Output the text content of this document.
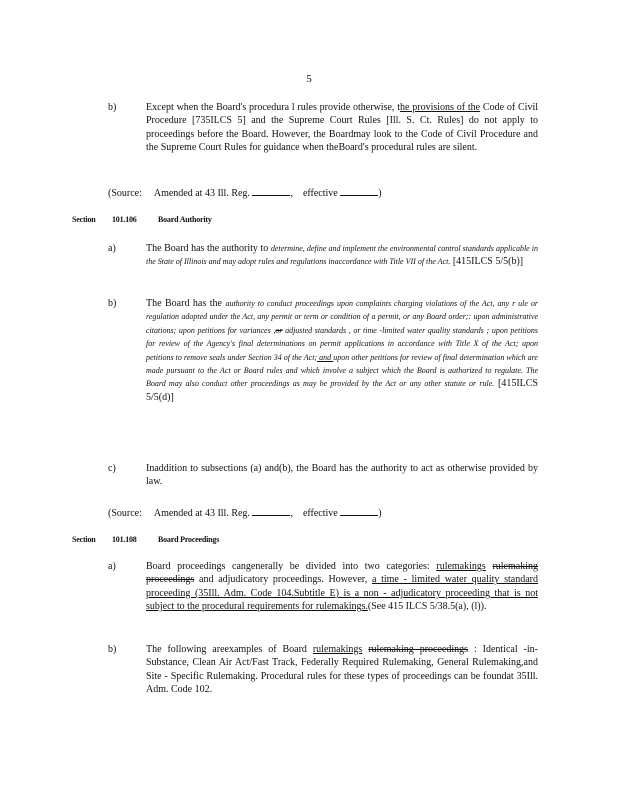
5
b)	Except when the Board's procedura l rules provide otherwise, the provisions of the Code of Civil Procedure [735ILCS 5] and the Supreme Court Rules [Ill. S. Ct. Rules] do not apply to proceedings before the Board. However, the Boardmay look to the Code of Civil Procedure and the Supreme Court Rules for guidance when theBoard's procedural rules are silent.
(Source: Amended at 43 Ill. Reg.	,    effective	)
Section 101.106	Board Authority
a)	The Board has the authority to determine, define and implement the environmental control standards applicable in the State of Illinois and may adopt rules and regulations inaccordance with Title VII of the Act. [415ILCS 5/5(b)]
b)	The Board has the authority to conduct proceedings upon complaints charging violations of the Act, any r ule or regulation adopted under the Act, any permit or term or condition of a permit, or any Board order;: upon administrative citations; upon petitions for variances ,or adjusted standards , or time -limited water quality standards ; upon petitions for review of the Agency's final determinations on permit applications in accordance with Title X of the Act; upon petitions to remove seals under Section 34 of the Act; and upon other petitions for review of final determination which are made pursuant to the Act or Board rules and which involve a subject which the Board is authorized to regulate. The Board may also conduct other proceedings as may be provided by the Act or any other statute or rule. [415ILCS 5/5(d)]
c)	Inaddition to subsections (a) and(b), the Board has the authority to act as otherwise provided by law.
(Source: Amended at 43 Ill. Reg.	,    effective	)
Section 101.108	Board Proceedings
a)	Board proceedings cangenerally be divided into two categories: rulemakings rulemaking proceedings and adjudicatory proceedings. However, a time - limited water quality standard proceeding (35Ill. Adm. Code 104.Subtitle E) is a non - adjudicatory proceeding that is not subject to the procedural requirements for rulemakings.(See 415 ILCS 5/38.5(a), (l)).
b)	The following areexamples of Board rulemakings rulemaking proceedings : Identical -in-Substance, Clean Air Act/Fast Track, Federally Required Rulemaking, General Rulemaking,and Site - Specific Rulemaking. Procedural rules for these types of proceedings can be foundat 35Ill. Adm. Code 102.
